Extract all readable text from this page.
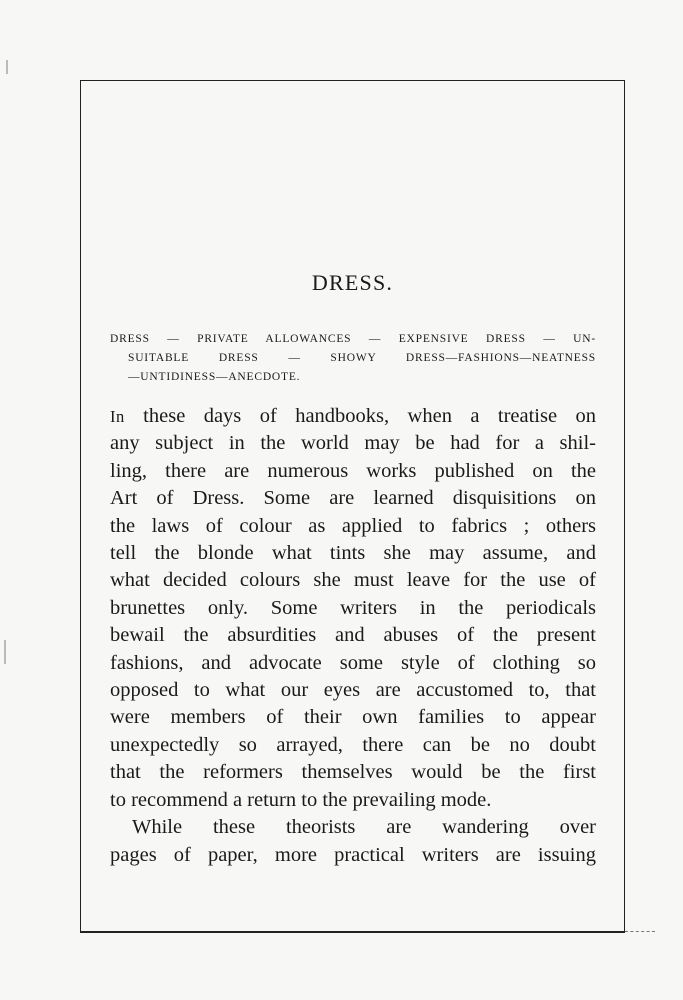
DRESS.
DRESS — PRIVATE ALLOWANCES — EXPENSIVE DRESS — UN-
SUITABLE DRESS — SHOWY DRESS—FASHIONS—NEATNESS
—UNTIDINESS—ANECDOTE.
In these days of handbooks, when a treatise on
any subject in the world may be had for a shil-
ling, there are numerous works published on the
Art of Dress. Some are learned disquisitions on
the laws of colour as applied to fabrics ; others
tell the blonde what tints she may assume, and
what decided colours she must leave for the use of
brunettes only. Some writers in the periodicals
bewail the absurdities and abuses of the present
fashions, and advocate some style of clothing so
opposed to what our eyes are accustomed to, that
were members of their own families to appear
unexpectedly so arrayed, there can be no doubt
that the reformers themselves would be the first
to recommend a return to the prevailing mode.
While these theorists are wandering over
pages of paper, more practical writers are issuing
